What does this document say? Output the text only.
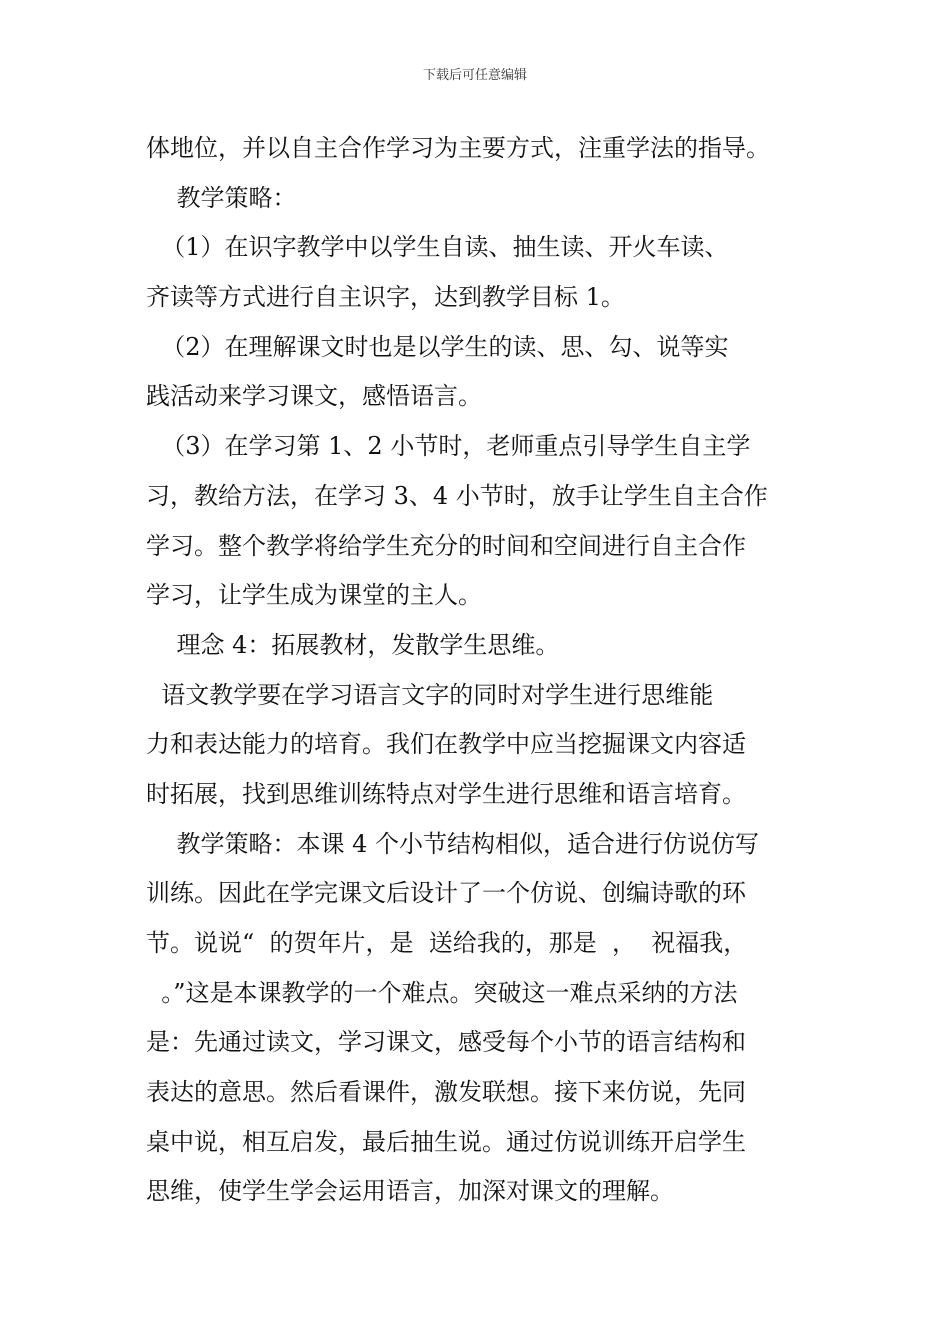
下载后可任意编辑
体地位，并以自主合作学习为主要方式，注重学法的指导。
教学策略：
（1）在识字教学中以学生自读、抽生读、开火车读、
齐读等方式进行自主识字，达到教学目标 1。
（2）在理解课文时也是以学生的读、思、勾、说等实
践活动来学习课文，感悟语言。
（3）在学习第 1、2 小节时，老师重点引导学生自主学
习，教给方法，在学习 3、4 小节时，放手让学生自主合作
学习。整个教学将给学生充分的时间和空间进行自主合作
学习，让学生成为课堂的主人。
理念 4：拓展教材，发散学生思维。
语文教学要在学习语言文字的同时对学生进行思维能
力和表达能力的培育。我们在教学中应当挖掘课文内容适
时拓展，找到思维训练特点对学生进行思维和语言培育。
教学策略：本课 4 个小节结构相似，适合进行仿说仿写
训练。因此在学完课文后设计了一个仿说、创编诗歌的环
节。说说“  的贺年片，是  送给我的，那是  ，  祝福我，
。”这是本课教学的一个难点。突破这一难点采纳的方法
是：先通过读文，学习课文，感受每个小节的语言结构和
表达的意思。然后看课件，激发联想。接下来仿说，先同
桌中说，相互启发，最后抽生说。通过仿说训练开启学生
思维，使学生学会运用语言，加深对课文的理解。
